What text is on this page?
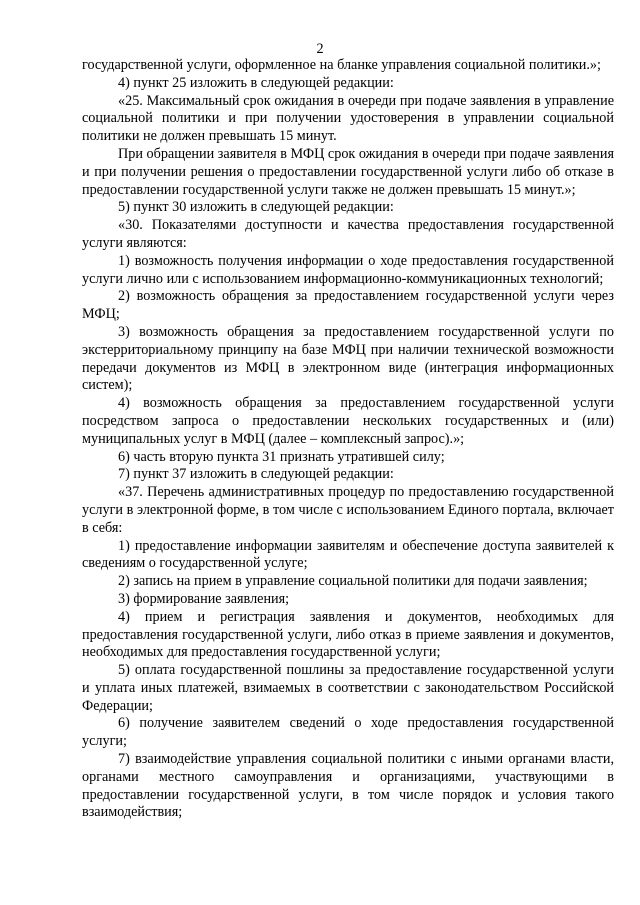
2

государственной услуги, оформленное на бланке управления социальной политики.»;

4) пункт 25 изложить в следующей редакции:

«25. Максимальный срок ожидания в очереди при подаче заявления в управление социальной политики и при получении удостоверения в управлении социальной политики не должен превышать 15 минут.

При обращении заявителя в МФЦ срок ожидания в очереди при подаче заявления и при получении решения о предоставлении государственной услуги либо об отказе в предоставлении государственной услуги также не должен превышать 15 минут.»;

5) пункт 30 изложить в следующей редакции:

«30. Показателями доступности и качества предоставления государственной услуги являются:

1) возможность получения информации о ходе предоставления государственной услуги лично или с использованием информационно-коммуникационных технологий;

2) возможность обращения за предоставлением государственной услуги через МФЦ;

3) возможность обращения за предоставлением государственной услуги по экстерриториальному принципу на базе МФЦ при наличии технической возможности передачи документов из МФЦ в электронном виде (интеграция информационных систем);

4) возможность обращения за предоставлением государственной услуги посредством запроса о предоставлении нескольких государственных и (или) муниципальных услуг в МФЦ (далее – комплексный запрос).»;

6) часть вторую пункта 31 признать утратившей силу;

7) пункт 37 изложить в следующей редакции:

«37. Перечень административных процедур по предоставлению государственной услуги в электронной форме, в том числе с использованием Единого портала, включает в себя:

1) предоставление информации заявителям и обеспечение доступа заявителей к сведениям о государственной услуге;

2) запись на прием в управление социальной политики для подачи заявления;

3) формирование заявления;

4) прием и регистрация заявления и документов, необходимых для предоставления государственной услуги, либо отказ в приеме заявления и документов, необходимых для предоставления государственной услуги;

5) оплата государственной пошлины за предоставление государственной услуги и уплата иных платежей, взимаемых в соответствии с законодательством Российской Федерации;

6) получение заявителем сведений о ходе предоставления государственной услуги;

7) взаимодействие управления социальной политики с иными органами власти, органами местного самоуправления и организациями, участвующими в предоставлении государственной услуги, в том числе порядок и условия такого взаимодействия;
